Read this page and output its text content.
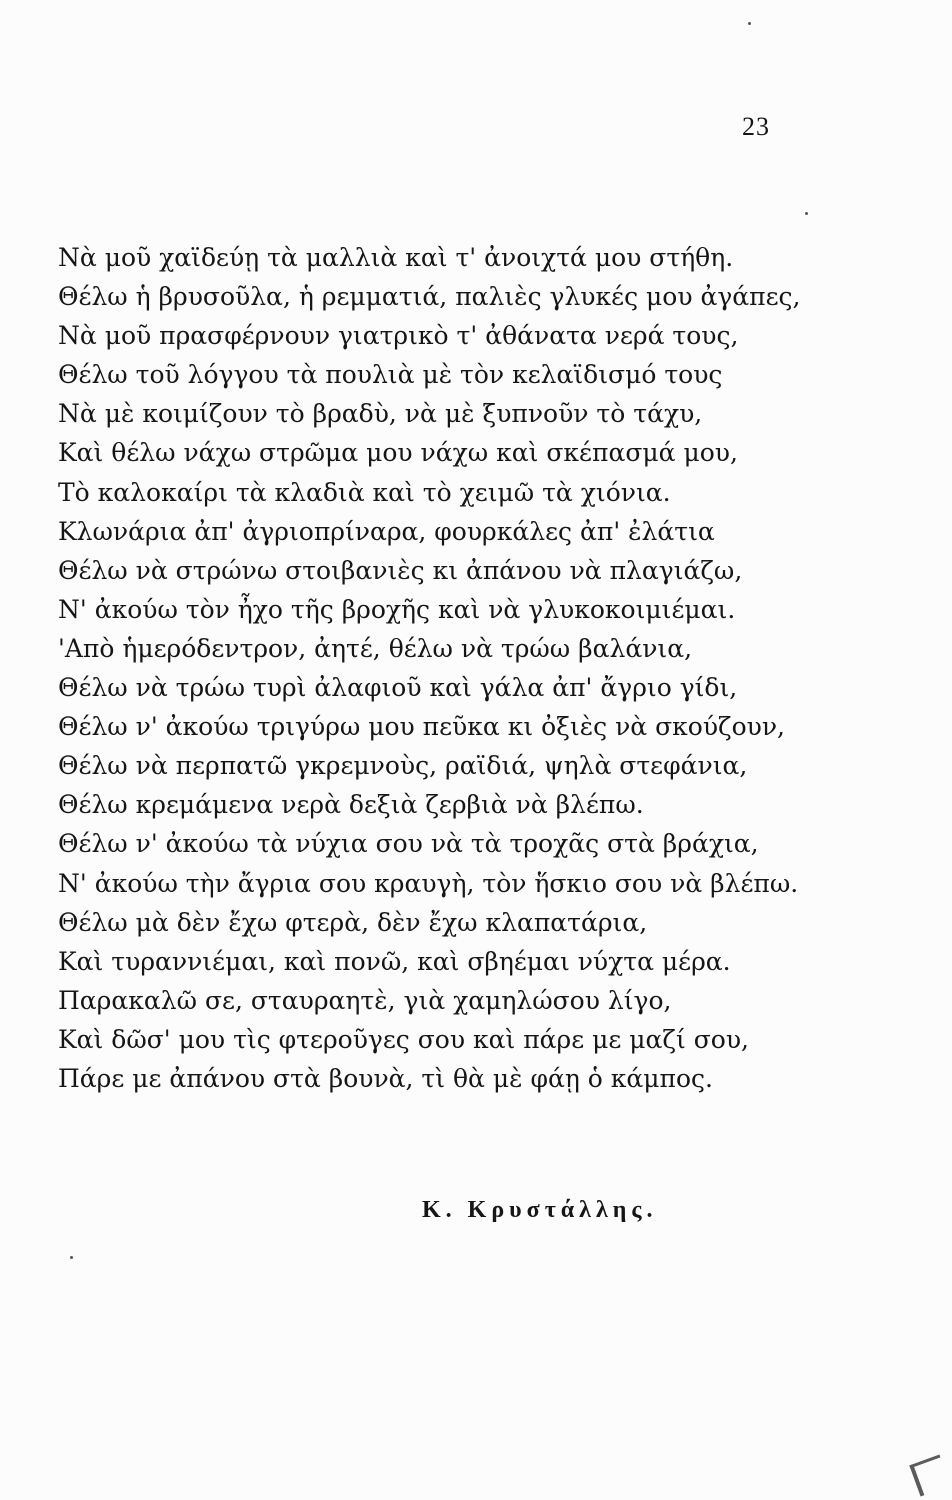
23
Νὰ μοῦ χαϊδεύῃ τὰ μαλλιὰ καὶ τ' ἀνοιχτά μου στήθη.
Θέλω ἡ βρυσοῦλα, ἡ ρεμματιά, παλιὲς γλυκές μου ἀγάπες,
Νὰ μοῦ πρασφέρνουν γιατρικὸ τ' ἀθάνατα νερά τους,
Θέλω τοῦ λόγγου τὰ πουλιὰ μὲ τὸν κελαϊδισμό τους
Νὰ μὲ κοιμίζουν τὸ βραδὺ, νὰ μὲ ξυπνοῦν τὸ τάχυ,
Καὶ θέλω νάχω στρῶμα μου νάχω καὶ σκέπασμά μου,
Τὸ καλοκαίρι τὰ κλαδιὰ καὶ τὸ χειμῶ τὰ χιόνια.
Κλωνάρια ἀπ' ἀγριοπρίναρα, φουρκάλες ἀπ' ἐλάτια
Θέλω νὰ στρώνω στοιβανιὲς κι ἀπάνου νὰ πλαγιάζω,
Ν' ἀκούω τὸν ἦχο τῆς βροχῆς καὶ νὰ γλυκοκοιμιέμαι.
'Απὸ ἡμερόδεντρον, ἀητέ, θέλω νὰ τρώω βαλάνια,
Θέλω νὰ τρώω τυρὶ ἀλαφιοῦ καὶ γάλα ἀπ' ἄγριο γίδι,
Θέλω ν' ἀκούω τριγύρω μου πεῦκα κι ὀξιὲς νὰ σκούζουν,
Θέλω νὰ περπατῶ γκρεμνοὺς, ραϊδιά, ψηλὰ στεφάνια,
Θέλω κρεμάμενα νερὰ δεξιὰ ζερβιὰ νὰ βλέπω.
Θέλω ν' ἀκούω τὰ νύχια σου νὰ τὰ τροχᾶς στὰ βράχια,
Ν' ἀκούω τὴν ἄγρια σου κραυγὴ, τὸν ἥσκιο σου νὰ βλέπω.
Θέλω μὰ δὲν ἔχω φτερὰ, δὲν ἔχω κλαπατάρια,
Καὶ τυραννιέμαι, καὶ πονῶ, καὶ σβηέμαι νύχτα μέρα.
Παρακαλῶ σε, σταυραητὲ, γιὰ χαμηλώσου λίγο,
Καὶ δῶσ' μου τὶς φτεροῦγες σου καὶ πάρε με μαζί σου,
Πάρε με ἀπάνου στὰ βουνὰ, τὶ θὰ μὲ φάῃ ὁ κάμπος.
Κ. Κρυστάλλης.
